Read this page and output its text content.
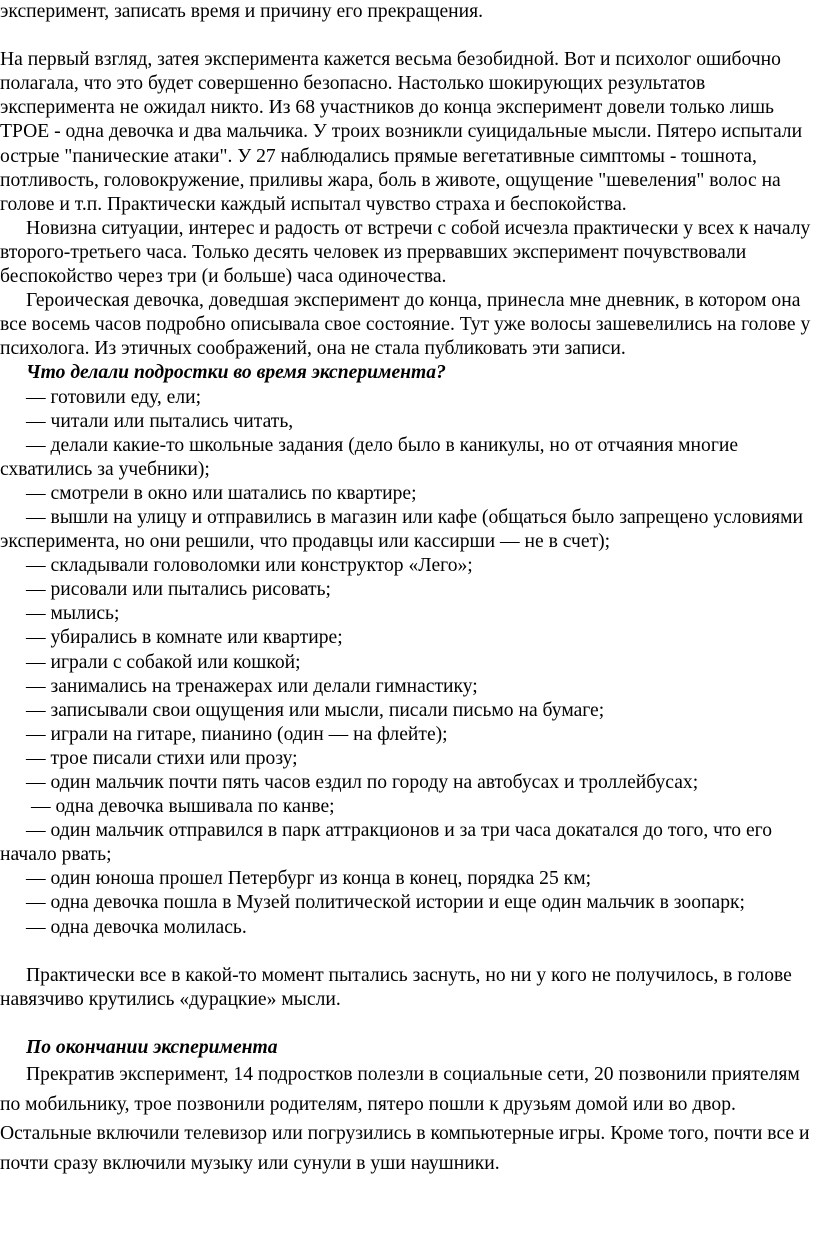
эксперимент, записать время и причину его прекращения.

На первый взгляд, затея эксперимента кажется весьма безобидной. Вот и психолог ошибочно полагала, что это будет совершенно безопасно. Настолько шокирующих результатов эксперимента не ожидал никто. Из 68 участников до конца эксперимент довели только лишь ТРОЕ - одна девочка и два мальчика. У троих возникли суицидальные мысли. Пятеро испытали острые "панические атаки". У 27 наблюдались прямые вегетативные симптомы - тошнота, потливость, головокружение, приливы жара, боль в животе, ощущение "шевеления" волос на голове и т.п. Практически каждый испытал чувство страха и беспокойства.

Новизна ситуации, интерес и радость от встречи с собой исчезла практически у всех к началу второго-третьего часа. Только десять человек из прервавших эксперимент почувствовали беспокойство через три (и больше) часа одиночества.

Героическая девочка, доведшая эксперимент до конца, принесла мне дневник, в котором она все восемь часов подробно описывала свое состояние. Тут уже волосы зашевелились на голове у психолога. Из этичных соображений, она не стала публиковать эти записи.

Что делали подростки во время эксперимента?

— готовили еду, ели;

— читали или пытались читать,

— делали какие-то школьные задания (дело было в каникулы, но от отчаяния многие схватились за учебники);

— смотрели в окно или шатались по квартире;

— вышли на улицу и отправились в магазин или кафе (общаться было запрещено условиями эксперимента, но они решили, что продавцы или кассирши — не в счет);

— складывали головоломки или конструктор «Лего»;

— рисовали или пытались рисовать;

— мылись;

— убирались в комнате или квартире;

— играли с собакой или кошкой;

— занимались на тренажерах или делали гимнастику;

— записывали свои ощущения или мысли, писали письмо на бумаге;

— играли на гитаре, пианино (один — на флейте);

— трое писали стихи или прозу;

— один мальчик почти пять часов ездил по городу на автобусах и троллейбусах;

— одна девочка вышивала по канве;

— один мальчик отправился в парк аттракционов и за три часа докатался до того, что его начало рвать;

— один юноша прошел Петербург из конца в конец, порядка 25 км;

— одна девочка пошла в Музей политической истории и еще один мальчик в зоопарк;

— одна девочка молилась.

Практически все в какой-то момент пытались заснуть, но ни у кого не получилось, в голове навязчиво крутились «дурацкие» мысли.

По окончании эксперимента

Прекратив эксперимент, 14 подростков полезли в социальные сети, 20 позвонили приятелям по мобильнику, трое позвонили родителям, пятеро пошли к друзьям домой или во двор. Остальные включили телевизор или погрузились в компьютерные игры. Кроме того, почти все и почти сразу включили музыку или сунули в уши наушники.
